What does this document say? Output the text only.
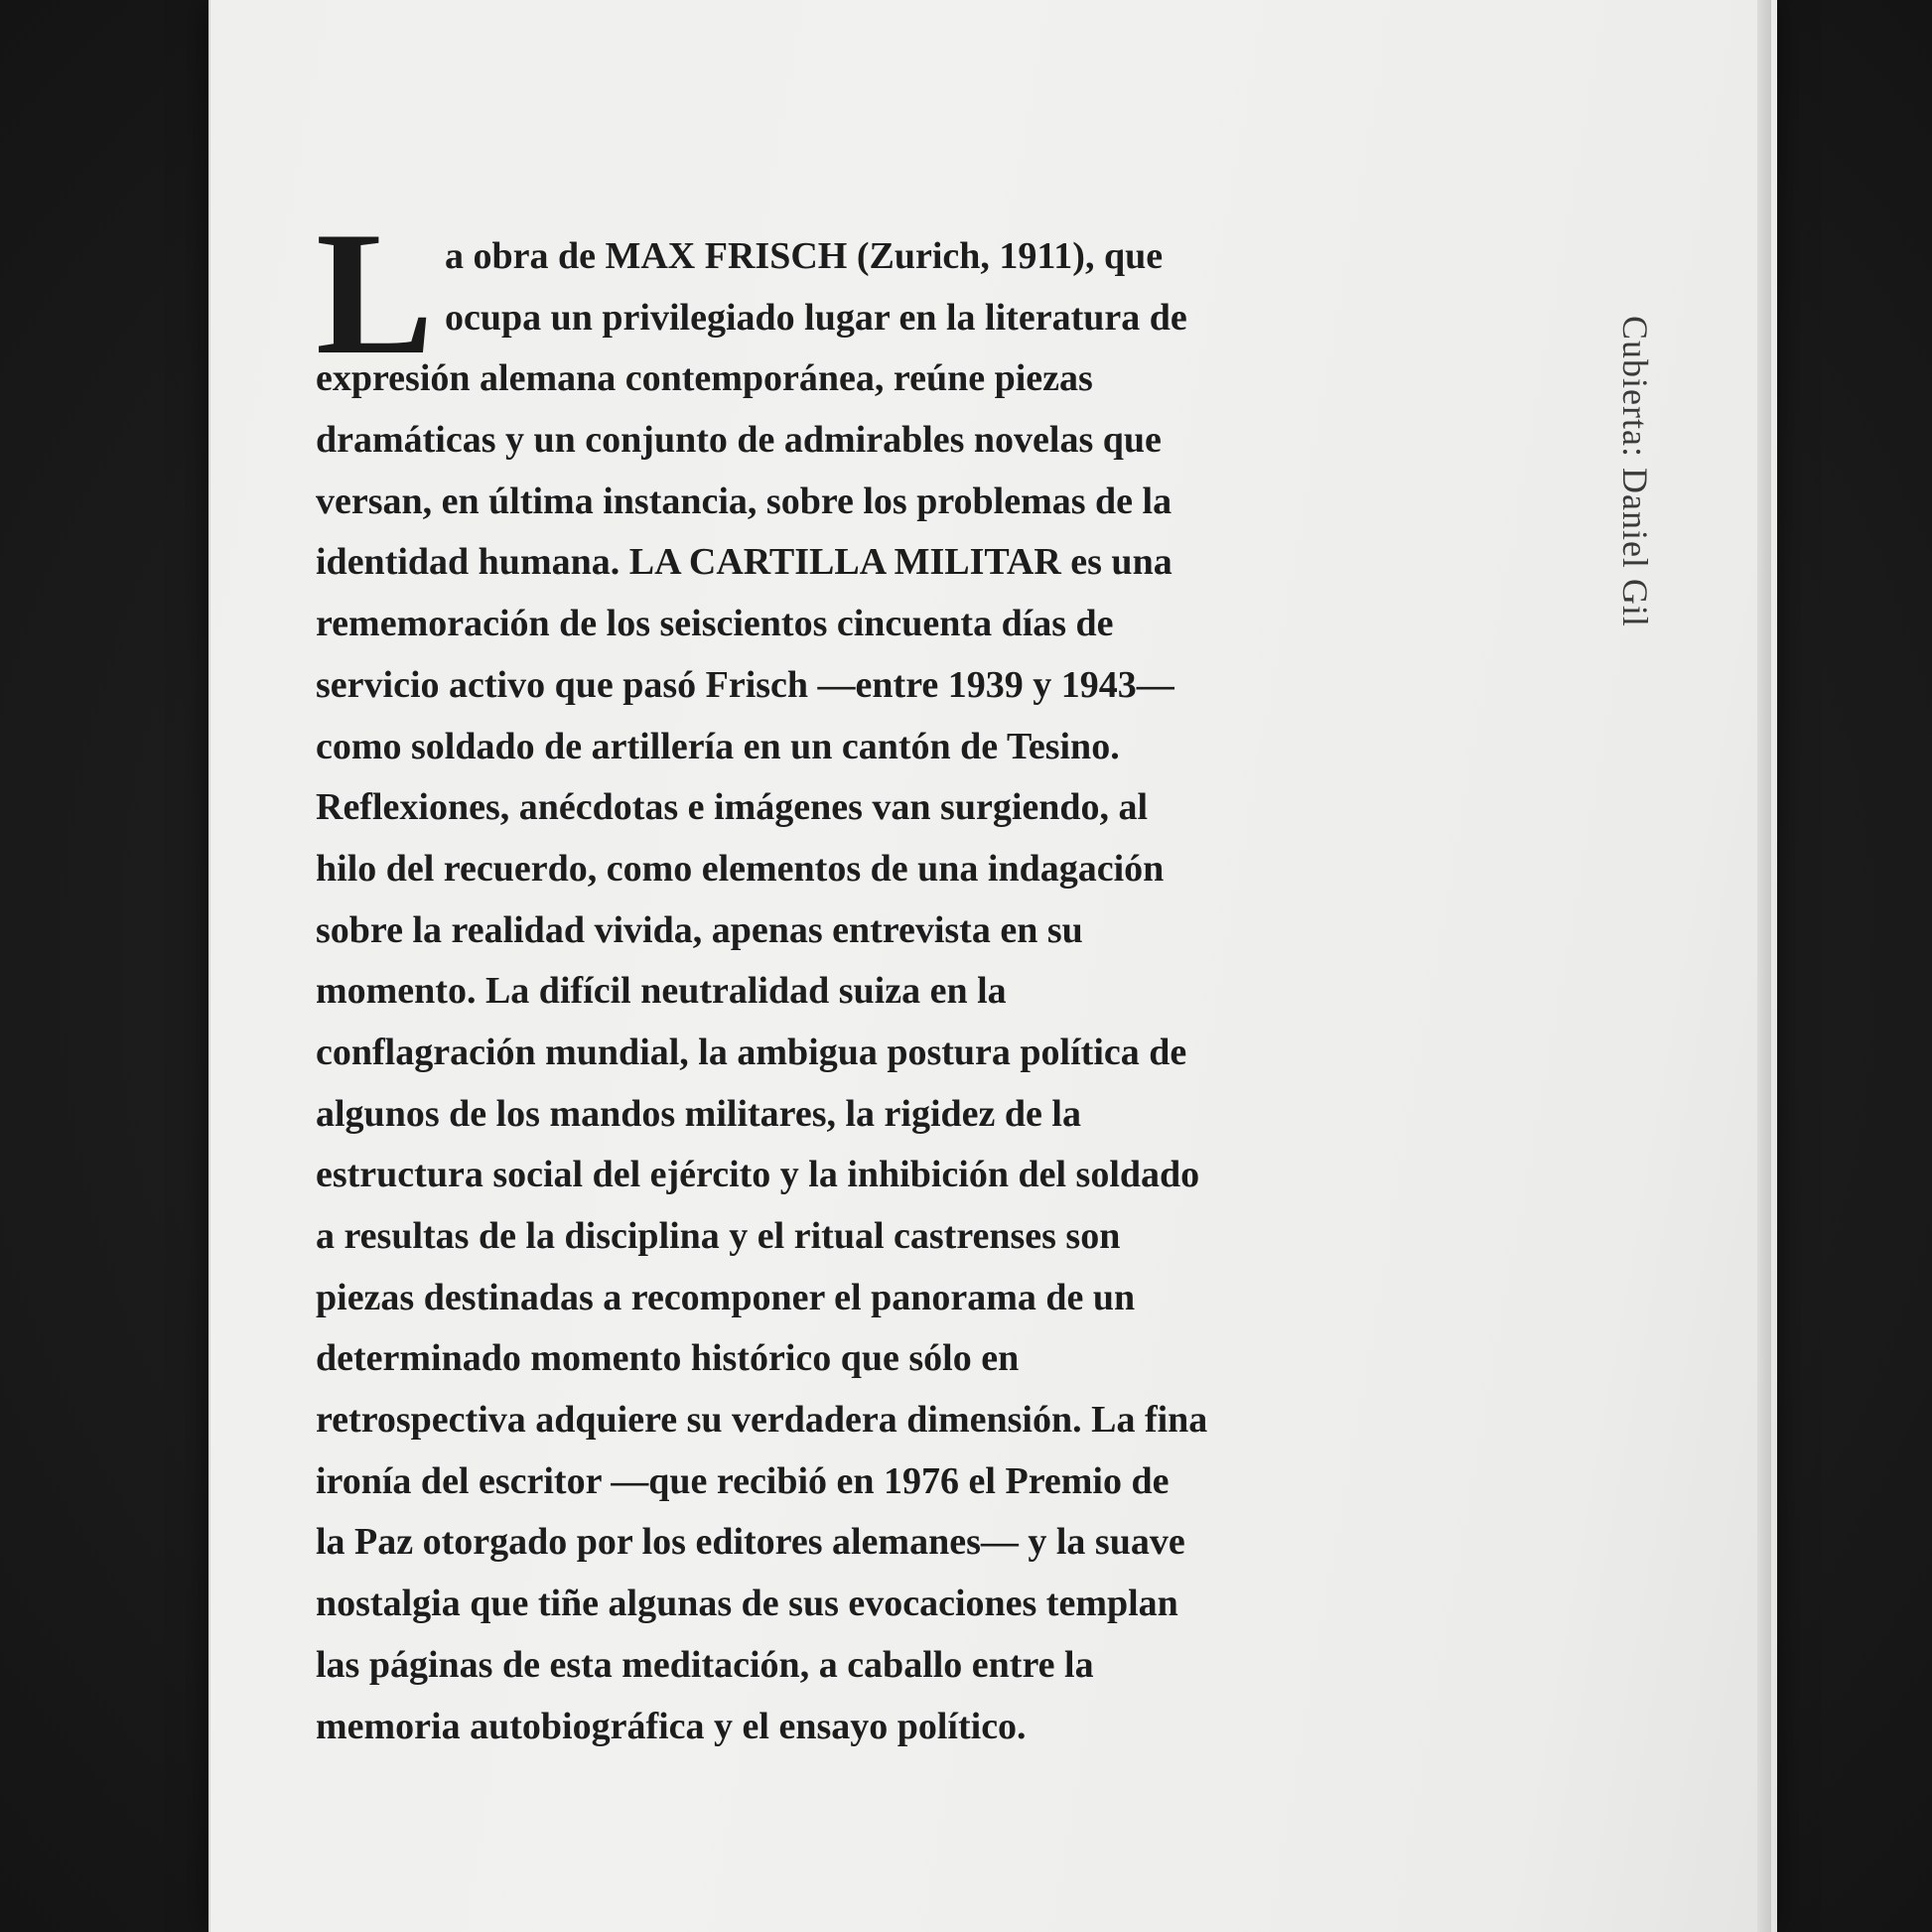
L a obra de MAX FRISCH (Zurich, 1911), que
ocupa un privilegiado lugar en la literatura de
expresión alemana contemporánea, reúne piezas
dramáticas y un conjunto de admirables novelas que
versan, en última instancia, sobre los problemas de la
identidad humana. LA CARTILLA MILITAR es una
rememoración de los seiscientos cincuenta días de
servicio activo que pasó Frisch —entre 1939 y 1943—
como soldado de artillería en un cantón de Tesino.
Reflexiones, anécdotas e imágenes van surgiendo, al
hilo del recuerdo, como elementos de una indagación
sobre la realidad vivida, apenas entrevista en su
momento. La difícil neutralidad suiza en la
conflagración mundial, la ambigua postura política de
algunos de los mandos militares, la rigidez de la
estructura social del ejército y la inhibición del soldado
a resultas de la disciplina y el ritual castrenses son
piezas destinadas a recomponer el panorama de un
determinado momento histórico que sólo en
retrospectiva adquiere su verdadera dimensión. La fina
ironía del escritor —que recibió en 1976 el Premio de
la Paz otorgado por los editores alemanes— y la suave
nostalgia que tiñe algunas de sus evocaciones templan
las páginas de esta meditación, a caballo entre la
memoria autobiográfica y el ensayo político.
Cubierta: Daniel Gil
